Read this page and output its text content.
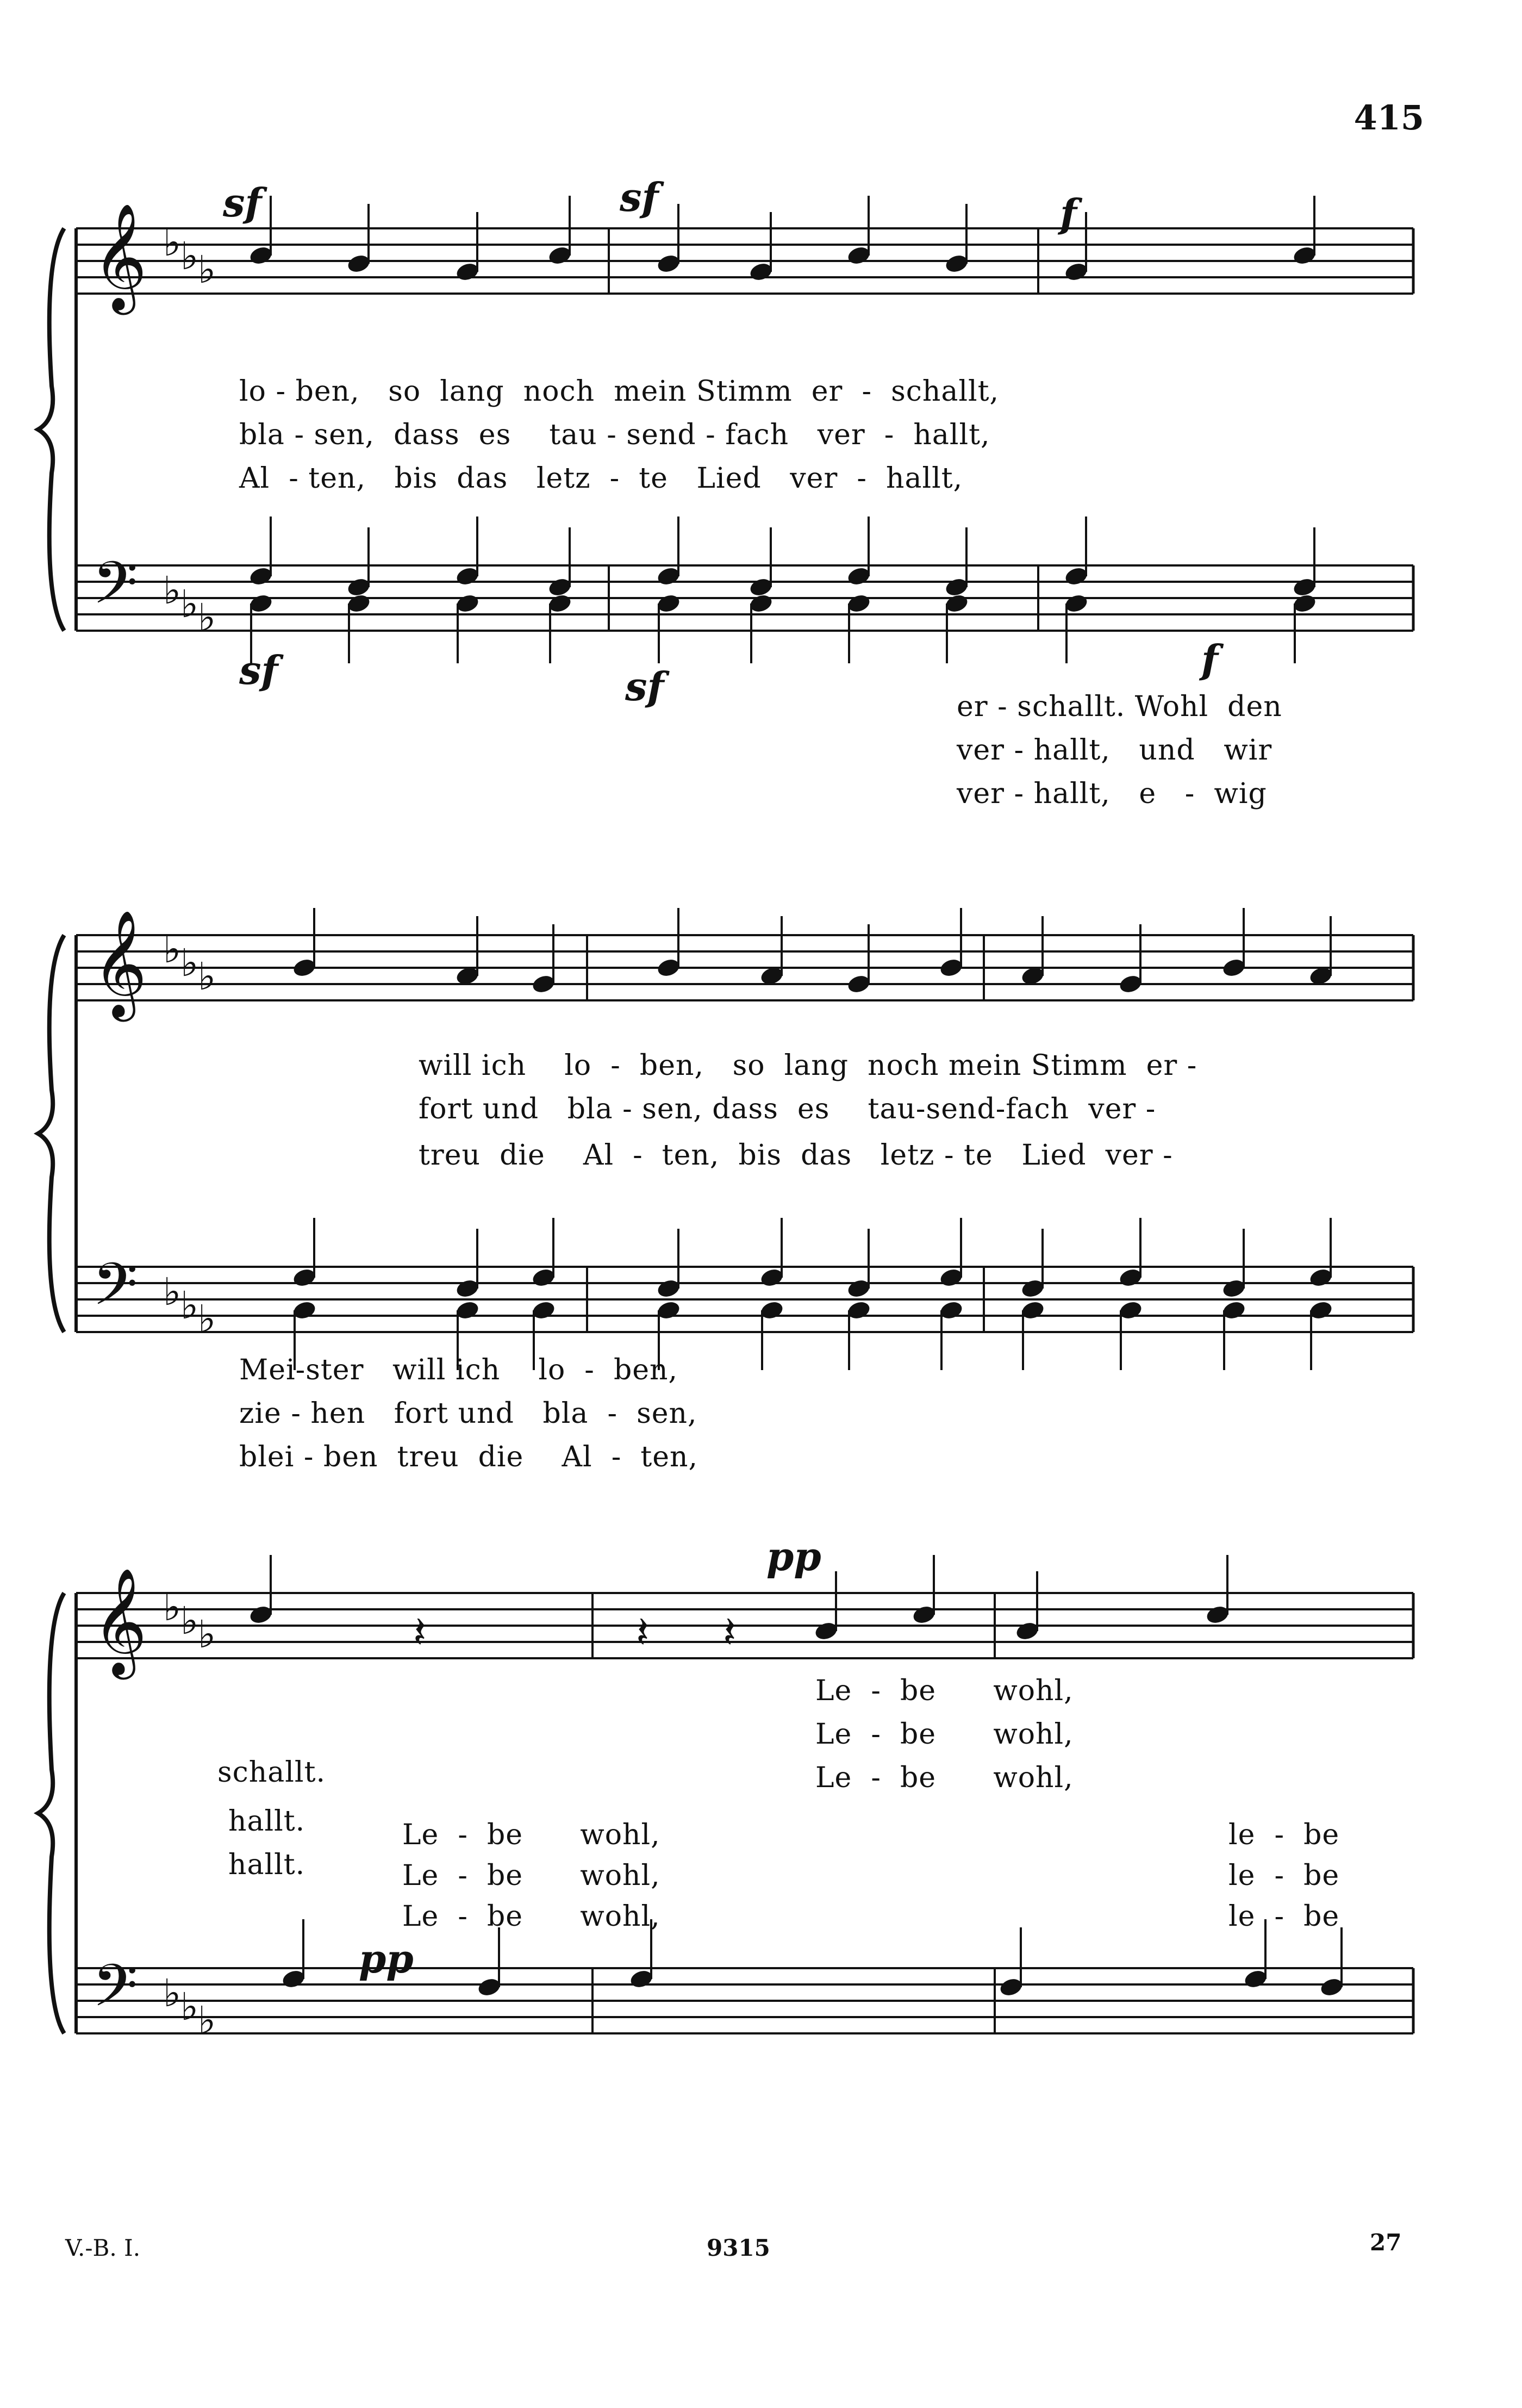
415
𝄞
𝄢
♭
♭
♭
♭
♭
♭
𝄞
𝄢
♭
♭
♭
♭
♭
♭
𝄞
𝄢
♭
♭
♭
♭
♭
♭
𝄽	𝄽 𝄽
sf	sf	f
sf	sf
f
pp
pp
lo - ben,   so  lang  noch  mein Stimm  er  -  schallt,
bla - sen,  dass  es    tau - send - fach   ver  -  hallt,
Al  - ten,   bis  das   letz  -  te   Lied   ver  -  hallt,
er - schallt. Wohl  den
ver - hallt,   und   wir
ver - hallt,   e   -  wig
will ich    lo  -  ben,   so  lang  noch mein Stimm  er -
fort und   bla - sen, dass  es    tau-send-fach  ver -
treu  die    Al  -  ten,  bis  das   letz - te   Lied  ver -
Mei-ster   will ich    lo  -  ben,
zie - hen   fort und   bla  -  sen,
blei - ben  treu  die    Al  -  ten,
Le  -  be      wohl,
Le  -  be      wohl,
Le  -  be      wohl,
schallt.
hallt.
hallt.
Le  -  be      wohl,
Le  -  be      wohl,
Le  -  be      wohl,
le  -  be
le  -  be
le  -  be
V.-B. I.	9315	27
